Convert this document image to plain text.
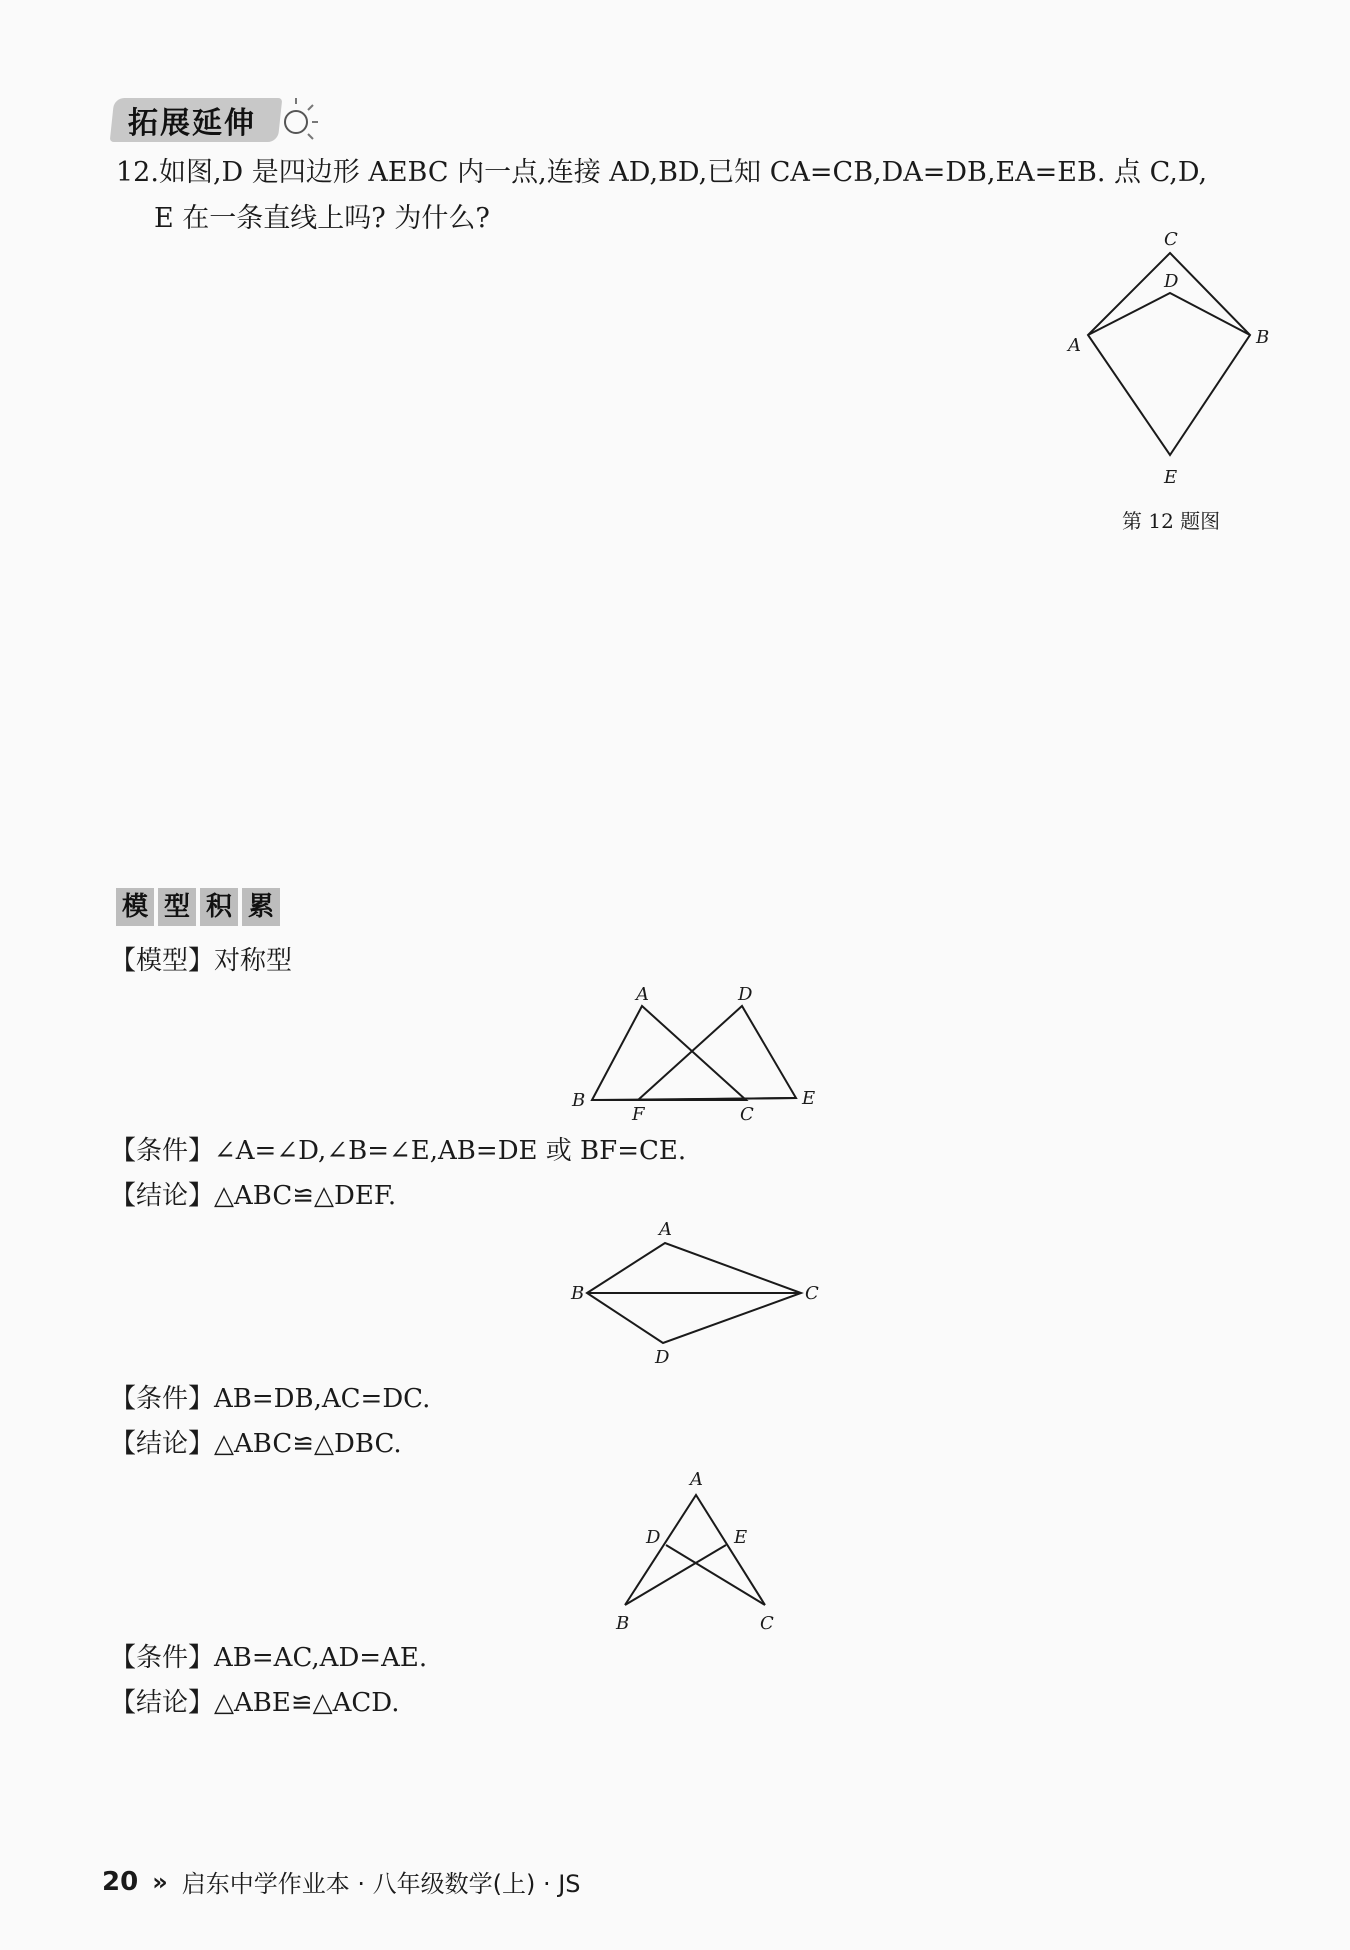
拓展延伸
12.如图,D 是四边形 AEBC 内一点,连接 AD,BD,已知 CA=CB,DA=DB,EA=EB. 点 C,D,
E 在一条直线上吗? 为什么?
C
D
A	B
E
第 12 题图
模 型 积 累
【模型】对称型
A	D
B
F	C
E
【条件】∠A=∠D,∠B=∠E,AB=DE 或 BF=CE.
【结论】△ABC≌△DEF.
A
B	C
D
【条件】AB=DB,AC=DC.
【结论】△ABC≌△DBC.
A
D	E
B	C
【条件】AB=AC,AD=AE.
【结论】△ABE≌△ACD.
20 » 启东中学作业本 · 八年级数学(上) · JS
